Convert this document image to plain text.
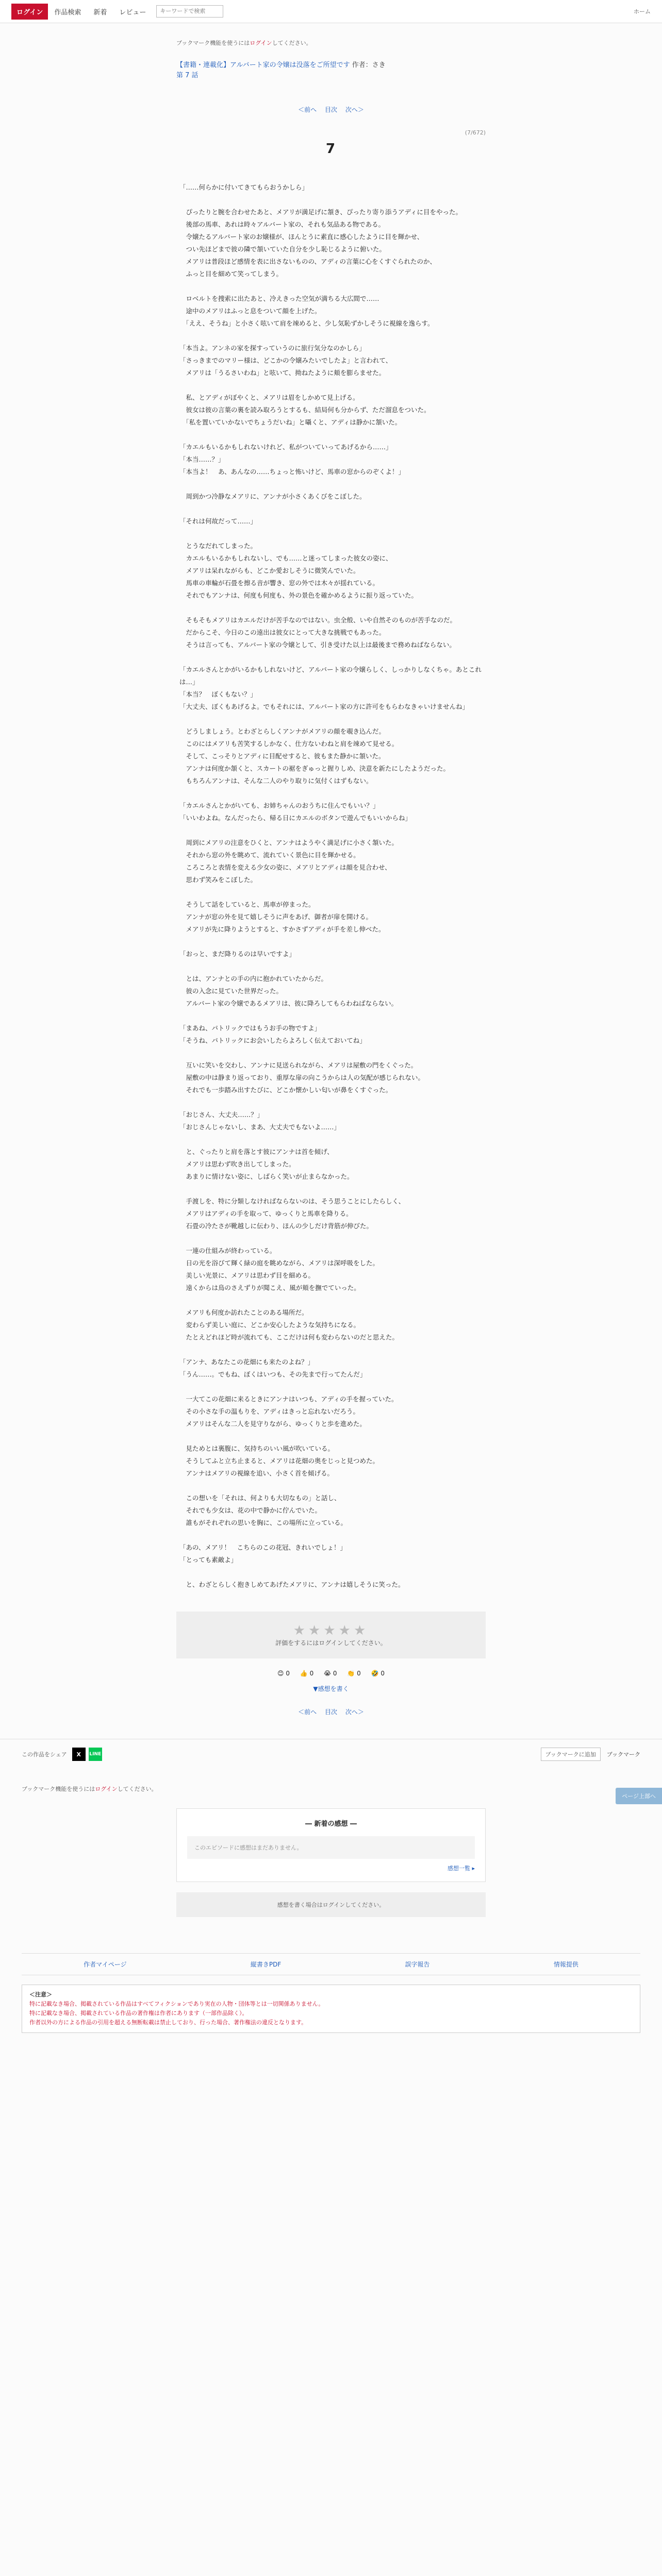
ログイン	作品検索	新着	レビュー
キーワードで検索	ホーム
ブックマーク機能を使うにはログインしてください。
【書籍・連載化】アルバート家の令嬢は没落をご所望です 作者：さき
第 7 話
＜前へ 目次 次へ＞
(7/672)
7

「……何らかに付いてきてもらおうかしら」

　ぴったりと腕を合わせたあと、メアリが満足げに頷き、ぴったり寄り添うアディに目をやった。
　後部の馬車、あれは時々アルバート家の、それも気品ある物である。
　令嬢たるアルバート家のお嬢様が、ほんとうに素直に感心したように目を輝かせ、
　つい先ほどまで彼の隣で頷いていた自分を少し恥じるように俯いた。
　メアリは普段ほど感情を表に出さないものの、アディの言葉に心をくすぐられたのか、
　ふっと目を細めて笑ってしまう。

　ロベルトを捜索に出たあと、冷えきった空気が満ちる大広間で……
　途中のメアリはふっと息をついて顔を上げた。
　「ええ、そうね」と小さく呟いて肩を竦めると、少し気恥ずかしそうに視線を逸らす。

「本当よ。アンネの家を探すっていうのに旅行気分なのかしら」
「さっきまでのマリー様は、どこかの令嬢みたいでしたよ」と言われて、
　メアリは「うるさいわね」と呟いて、拗ねたように頬を膨らませた。

　私、とアディがぼやくと、メアリは眉をしかめて見上げる。
　彼女は彼の言葉の裏を読み取ろうとするも、結局何も分からず、ただ溜息をついた。
　「私を置いていかないでちょうだいね」と囁くと、アディは静かに頷いた。

「カエルもいるかもしれないけれど、私がついていってあげるから……」
「本当……？」
「本当よ！　あ、あんなの……ちょっと怖いけど、馬車の窓からのぞくよ！」

　周到かつ冷静なメアリに、アンナが小さくあくびをこぼした。

「それは何故だって……」

　とうなだれてしまった。
　カエルもいるかもしれないし、でも……と迷ってしまった彼女の姿に、
　メアリは呆れながらも、どこか愛おしそうに微笑んでいた。
　馬車の車輪が石畳を擦る音が響き、窓の外では木々が揺れている。
　それでもアンナは、何度も何度も、外の景色を確かめるように振り返っていた。

　そもそもメアリはカエルだけが苦手なのではない。虫全般、いや自然そのものが苦手なのだ。
　だからこそ、今日のこの遠出は彼女にとって大きな挑戦でもあった。
　そうは言っても、アルバート家の令嬢として、引き受けた以上は最後まで務めねばならない。

「カエルさんとかがいるかもしれないけど、アルバート家の令嬢らしく、しっかりしなくちゃ。あとこれは…」
「本当？　ぼくもない？」
「大丈夫、ぼくもあげるよ。でもそれには、アルバート家の方に許可をもらわなきゃいけませんね」

　どうしましょう。とわざとらしくアンナがメアリの顔を覗き込んだ。
　このにはメアリも苦笑するしかなく、仕方ないわねと肩を竦めて見せる。
　そして、こっそりとアディに目配せすると、彼もまた静かに頷いた。
　アンナは何度か頷くと、スカートの裾をぎゅっと握りしめ、決意を新たにしたようだった。
　もちろんアンナは、そんな二人のやり取りに気付くはずもない。

「カエルさんとかがいても、お姉ちゃんのおうちに住んでもいい？」
「いいわよね。なんだったら、帰る日にカエルのボタンで遊んでもいいからね」

　周到にメアリの注意をひくと、アンナはようやく満足げに小さく頷いた。
　それから窓の外を眺めて、流れていく景色に目を輝かせる。
　ころころと表情を変える少女の姿に、メアリとアディは顔を見合わせ、
　思わず笑みをこぼした。

　そうして話をしていると、馬車が停まった。
　アンナが窓の外を見て嬉しそうに声をあげ、御者が扉を開ける。
　メアリが先に降りようとすると、すかさずアディが手を差し伸べた。

「おっと、まだ降りるのは早いですよ」

　とは、アンナとの手の内に抱かれていたからだ。
　彼の入念に見ていた世界だった。
　アルバート家の令嬢であるメアリは、彼に降ろしてもらわねばならない。

「まあね、パトリックではもうお手の物ですよ」
「そうね、パトリックにお会いしたらよろしく伝えておいてね」

　互いに笑いを交わし、アンナに見送られながら、メアリは屋敷の門をくぐった。
　屋敷の中は静まり返っており、重厚な扉の向こうからは人の気配が感じられない。
　それでも一歩踏み出すたびに、どこか懐かしい匂いが鼻をくすぐった。

「おじさん、大丈夫……？」
「おじさんじゃないし、まあ、大丈夫でもないよ……」

　と、ぐったりと肩を落とす彼にアンナは首を傾げ、
　メアリは思わず吹き出してしまった。
　あまりに情けない姿に、しばらく笑いが止まらなかった。

　手渡しを、特に分類しなければならないのは、そう思うことにしたらしく、
　メアリはアディの手を取って、ゆっくりと馬車を降りる。
　石畳の冷たさが靴越しに伝わり、ほんの少しだけ背筋が伸びた。

　一連の仕組みが終わっている。
　日の光を浴びて輝く緑の庭を眺めながら、メアリは深呼吸をした。
　美しい光景に、メアリは思わず目を細める。
　遠くからは鳥のさえずりが聞こえ、風が頬を撫でていった。

　メアリも何度か訪れたことのある場所だ。
　変わらず美しい庭に、どこか安心したような気持ちになる。
　たとえどれほど時が流れても、ここだけは何も変わらないのだと思えた。

「アンナ、あなたこの花畑にも来たのよね？」
「うん……。でもね、ぼくはいつも、その先まで行ってたんだ」

　一大てこの花畑に来るときにアンナはいつも、アディの手を握っていた。
　その小さな手の温もりを、アディはきっと忘れないだろう。
　メアリはそんな二人を見守りながら、ゆっくりと歩を進めた。

　見ためとは裏腹に、気持ちのいい風が吹いている。
　そうしてふと立ち止まると、メアリは花畑の奥をじっと見つめた。
　アンナはメアリの視線を追い、小さく首を傾げる。

　この想いを「それは、何よりも大切なもの」と話し、
　それでも少女は、花の中で静かに佇んでいた。
　誰もがそれぞれの思いを胸に、この場所に立っている。

「あの、メアリ！　こちらのこの花冠、きれいでしょ！」
「とっても素敵よ」

　と、わざとらしく抱きしめてあげたメアリに、アンナは嬉しそうに笑った。

★★★★★
評価をするにはログインしてください。
😊 0 👍 0 😭 0 👏 0 🤣 0
▼感想を書く
＜前へ 目次 次へ＞
ページ上部へ
この作品をシェア	X	LINE	ブックマークに追加	ブックマーク
ブックマーク機能を使うにはログインしてください。
― 新着の感想 ―
このエピソードに感想はまだありません。
感想一覧 ▸
感想を書く場合はログインしてください。
作者マイページ	縦書きPDF	誤字報告	情報提供
＜注意＞
特に記載なき場合、掲載されている作品はすべてフィクションであり実在の人物・団体等とは一切関係ありません。
特に記載なき場合、掲載されている作品の著作権は作者にあります（一部作品除く）。
作者以外の方による作品の引用を超える無断転載は禁止しており、行った場合、著作権法の違反となります。
